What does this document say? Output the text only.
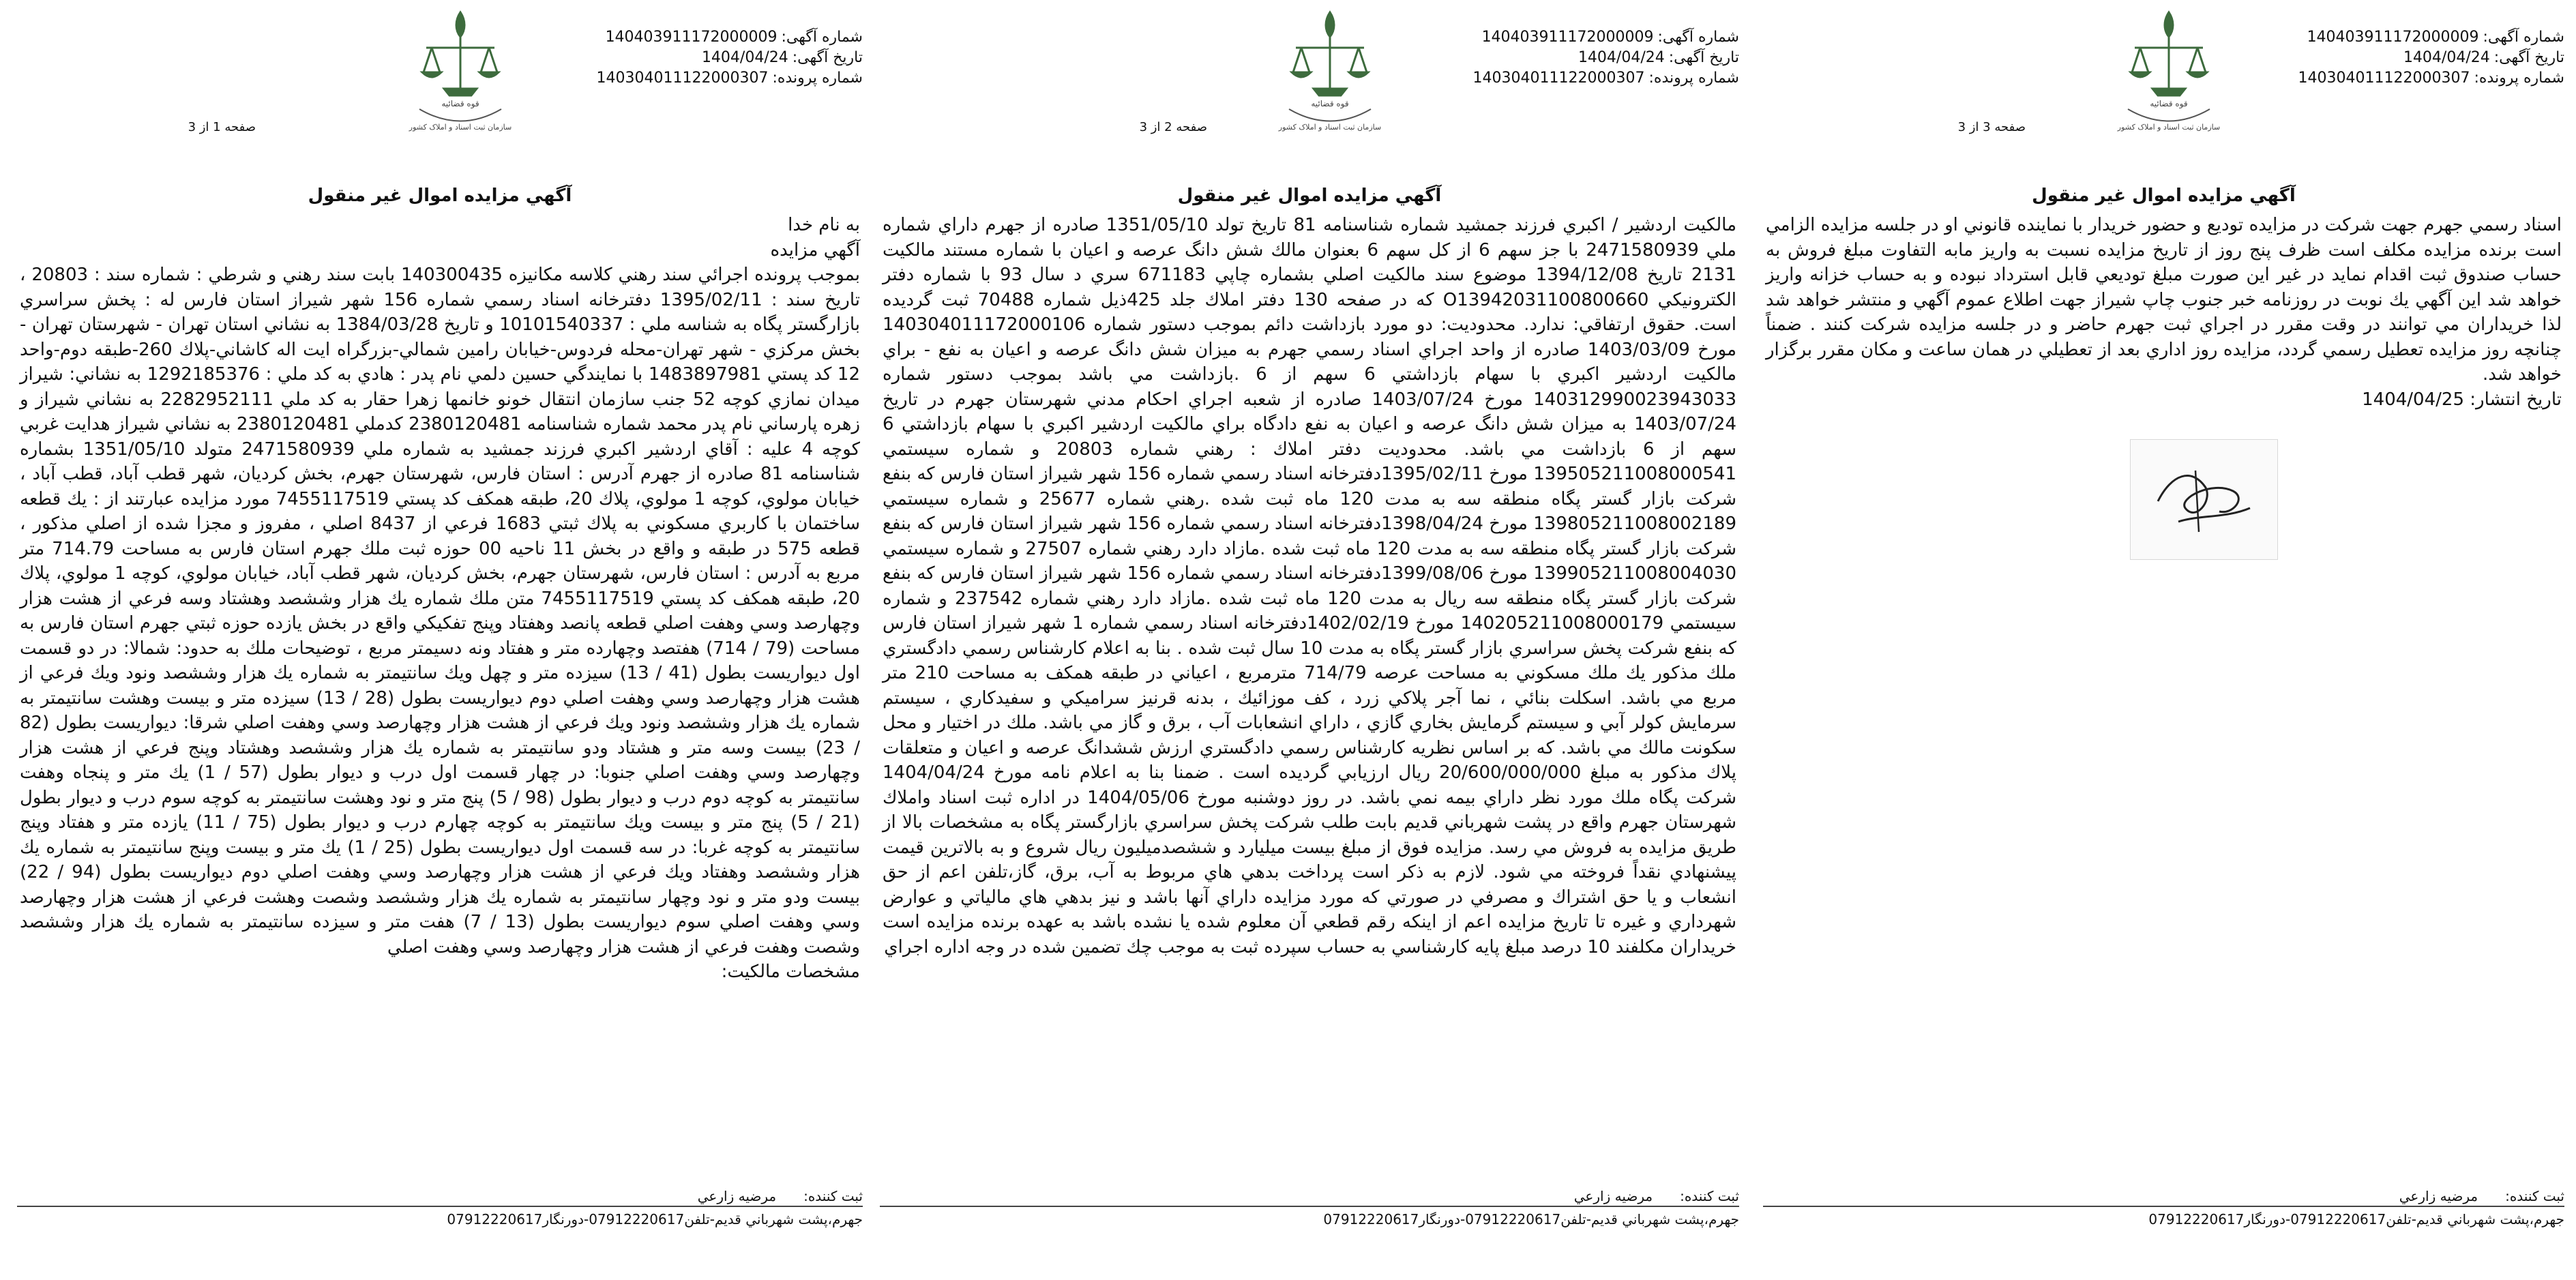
شماره آگهی:140403911172000009
تاریخ آگهی:1404/04/24
شماره پرونده:140304011122000307
قوه قضائیه
سازمان ثبت اسناد و املاک کشور
صفحه 3 از 3
آگهي مزايده اموال غير منقول

اسناد رسمي جهرم جهت شركت در مزايده توديع و حضور خريدار با نماينده قانوني او در جلسه مزايده الزامي است برنده مزايده مكلف است ظرف پنج روز از تاريخ مزايده نسبت به واريز مابه التفاوت مبلغ فروش به حساب صندوق ثبت اقدام نمايد در غير اين صورت مبلغ توديعي قابل استرداد نبوده و به حساب خزانه واريز خواهد شد اين آگهي يك نوبت در روزنامه خبر جنوب چاپ شيراز جهت اطلاع عموم آگهي و منتشر خواهد شد لذا خريداران مي توانند در وقت مقرر در اجراي ثبت جهرم حاضر و در جلسه مزايده شركت كنند . ضمناً چنانچه روز مزايده تعطيل رسمي گردد، مزايده روز اداري بعد از تعطيلي در همان ساعت و مكان مقرر برگزار خواهد شد.

تاريخ انتشار: 1404/04/25

ثبت كننده:مرضيه زارعي
جهرم،پشت شهرباني قديم-تلفن07912220617-دورنگار07912220617
شماره آگهی:140403911172000009
تاریخ آگهی:1404/04/24
شماره پرونده:140304011122000307
قوه قضائیه
سازمان ثبت اسناد و املاک کشور
صفحه 2 از 3
آگهي مزايده اموال غير منقول

مالكيت اردشير / اكبري فرزند جمشيد شماره شناسنامه 81 تاريخ تولد 1351/05/10 صادره از جهرم داراي شماره ملي 2471580939 با جز سهم 6 از كل سهم 6 بعنوان مالك شش دانگ عرصه و اعيان با شماره مستند مالكيت 2131 تاريخ 1394/12/08 موضوع سند مالكيت اصلي بشماره چاپي 671183 سري د سال 93 با شماره دفتر الكترونيكي O13942031100800660 كه در صفحه 130 دفتر املاك جلد 425ذيل شماره 70488 ثبت گرديده است. حقوق ارتفاقي: ندارد. محدوديت: دو مورد بازداشت دائم بموجب دستور شماره 140304011172000106 مورخ 1403/03/09 صادره از واحد اجراي اسناد رسمي جهرم به ميزان شش دانگ عرصه و اعيان به نفع - براي مالكيت اردشير اكبري با سهام بازداشتي 6 سهم از 6 .بازداشت مي باشد بموجب دستور شماره 140312990023943033 مورخ 1403/07/24 صادره از شعبه اجراي احكام مدني شهرستان جهرم در تاريخ 1403/07/24 به ميزان شش دانگ عرصه و اعيان به نفع دادگاه براي مالكيت اردشير اكبري با سهام بازداشتي 6 سهم از 6 بازداشت مي باشد. محدوديت دفتر املاك : رهني شماره 20803 و شماره سيستمي 139505211008000541 مورخ 1395/02/11دفترخانه اسناد رسمي شماره 156 شهر شيراز استان فارس كه بنفع شركت بازار گستر پگاه منطقه سه به مدت 120 ماه ثبت شده .رهني شماره 25677 و شماره سيستمي 139805211008002189 مورخ 1398/04/24دفترخانه اسناد رسمي شماره 156 شهر شيراز استان فارس كه بنفع شركت بازار گستر پگاه منطقه سه به مدت 120 ماه ثبت شده .مازاد دارد رهني شماره 27507 و شماره سيستمي 139905211008004030 مورخ 1399/08/06دفترخانه اسناد رسمي شماره 156 شهر شيراز استان فارس كه بنفع شركت بازار گستر پگاه منطقه سه ريال به مدت 120 ماه ثبت شده .مازاد دارد رهني شماره 237542 و شماره سيستمي 140205211008000179 مورخ 1402/02/19دفترخانه اسناد رسمي شماره 1 شهر شيراز استان فارس كه بنفع شركت پخش سراسري بازار گستر پگاه به مدت 10 سال ثبت شده . بنا به اعلام كارشناس رسمي دادگستري ملك مذكور يك ملك مسكوني به مساحت عرصه 714/79 مترمربع ، اعياني در طبقه همكف به مساحت 210 متر مربع مي باشد. اسكلت بنائي ، نما آجر پلاكي زرد ، كف موزائيك ، بدنه قرنيز سراميكي و سفيدكاري ، سيستم سرمايش كولر آبي و سيستم گرمايش بخاري گازي ، داراي انشعابات آب ، برق و گاز مي باشد. ملك در اختيار و محل سكونت مالك مي باشد. كه بر اساس نظريه كارشناس رسمي دادگستري ارزش ششدانگ عرصه و اعيان و متعلقات پلاك مذكور به مبلغ 20/600/000/000 ريال ارزيابي گرديده است . ضمنا بنا به اعلام نامه مورخ 1404/04/24 شركت پگاه ملك مورد نظر داراي بيمه نمي باشد. در روز دوشنبه مورخ 1404/05/06 در اداره ثبت اسناد واملاك شهرستان جهرم واقع در پشت شهرباني قديم بابت طلب شركت پخش سراسري بازارگستر پگاه به مشخصات بالا از طريق مزايده به فروش مي رسد. مزايده فوق از مبلغ بيست ميليارد و ششصدميليون ريال شروع و به بالاترين قيمت پيشنهادي نقداً فروخته مي شود. لازم به ذكر است پرداخت بدهي هاي مربوط به آب، برق، گاز،تلفن اعم از حق انشعاب و يا حق اشتراك و مصرفي در صورتي كه مورد مزايده داراي آنها باشد و نيز بدهي هاي مالياتي و عوارض شهرداري و غيره تا تاريخ مزايده اعم از اينكه رقم قطعي آن معلوم شده يا نشده باشد به عهده برنده مزايده است خريداران مكلفند 10 درصد مبلغ پايه كارشناسي به حساب سپرده ثبت به موجب چك تضمين شده در وجه اداره اجراي

ثبت كننده:مرضيه زارعي
جهرم،پشت شهرباني قديم-تلفن07912220617-دورنگار07912220617
شماره آگهی:140403911172000009
تاریخ آگهی:1404/04/24
شماره پرونده:140304011122000307
قوه قضائیه
سازمان ثبت اسناد و املاک کشور
صفحه 1 از 3
آگهي مزايده اموال غير منقول

به نام خدا

آگهي مزايده

بموجب پرونده اجرائي سند رهني كلاسه مكانيزه 140300435 بابت سند رهني و شرطي : شماره سند : 20803 ، تاريخ سند : 1395/02/11 دفترخانه اسناد رسمي شماره 156 شهر شيراز استان فارس له : پخش سراسري بازارگستر پگاه به شناسه ملي : 10101540337 و تاريخ 1384/03/28 به نشاني استان تهران - شهرستان تهران - بخش مركزي - شهر تهران-محله فردوس-خيابان رامين شمالي-بزرگراه ايت اله كاشاني-پلاك 260-طبقه دوم-واحد 12 كد پستي 1483897981 با نمايندگي حسين دلمي نام پدر : هادي به كد ملي : 1292185376 به نشاني: شيراز ميدان نمازي كوچه 52 جنب سازمان انتقال خونو خانمها زهرا حقار به كد ملي 2282952111 به نشاني شيراز و زهره پارساني نام پدر محمد شماره شناسنامه 2380120481 كدملي 2380120481 به نشاني شيراز هدايت غربي كوچه 4 عليه : آقاي اردشير اكبري فرزند جمشيد به شماره ملي 2471580939 متولد 1351/05/10 بشماره شناسنامه 81 صادره از جهرم آدرس : استان فارس، شهرستان جهرم، بخش كرديان، شهر قطب آباد، قطب آباد ، خيابان مولوي، كوچه 1 مولوي، پلاك 20، طبقه همكف كد پستي 7455117519 مورد مزايده عبارتند از : يك قطعه ساختمان با كاربري مسكوني به پلاك ثبتي 1683 فرعي از 8437 اصلي ، مفروز و مجزا شده از اصلي مذكور ، قطعه 575 در طبقه و واقع در بخش 11 ناحيه 00 حوزه ثبت ملك جهرم استان فارس به مساحت 714.79 متر مربع به آدرس : استان فارس، شهرستان جهرم، بخش كرديان، شهر قطب آباد، خيابان مولوي، كوچه 1 مولوي، پلاك 20، طبقه همكف كد پستي 7455117519 متن ملك شماره يك هزار وششصد وهشتاد وسه فرعي از هشت هزار وچهارصد وسي وهفت اصلي قطعه پانصد وهفتاد وپنج تفكيكي واقع در بخش يازده حوزه ثبتي جهرم استان فارس به مساحت (79 / 714) هفتصد وچهارده متر و هفتاد ونه دسيمتر مربع ، توضيحات ملك به حدود: شمالا: در دو قسمت اول ديواريست بطول (41 / 13) سيزده متر و چهل ويك سانتيمتر به شماره يك هزار وششصد ونود ويك فرعي از هشت هزار وچهارصد وسي وهفت اصلي دوم ديواريست بطول (28 / 13) سيزده متر و بيست وهشت سانتيمتر به شماره يك هزار وششصد ونود ويك فرعي از هشت هزار وچهارصد وسي وهفت اصلي شرقا: ديواريست بطول (82 / 23) بيست وسه متر و هشتاد ودو سانتيمتر به شماره يك هزار وششصد وهشتاد وپنج فرعي از هشت هزار وچهارصد وسي وهفت اصلي جنوبا: در چهار قسمت اول درب و ديوار بطول (57 / 1) يك متر و پنجاه وهفت سانتيمتر به كوچه دوم درب و ديوار بطول (98 / 5) پنج متر و نود وهشت سانتيمتر به كوچه سوم درب و ديوار بطول (21 / 5) پنج متر و بيست ويك سانتيمتر به كوچه چهارم درب و ديوار بطول (75 / 11) يازده متر و هفتاد وپنج سانتيمتر به كوچه غربا: در سه قسمت اول ديواريست بطول (25 / 1) يك متر و بيست وپنج سانتيمتر به شماره يك هزار وششصد وهفتاد ويك فرعي از هشت هزار وچهارصد وسي وهفت اصلي دوم ديواريست بطول (94 / 22) بيست ودو متر و نود وچهار سانتيمتر به شماره يك هزار وششصد وشصت وهشت فرعي از هشت هزار وچهارصد وسي وهفت اصلي سوم ديواريست بطول (13 / 7) هفت متر و سيزده سانتيمتر به شماره يك هزار وششصد وشصت وهفت فرعي از هشت هزار وچهارصد وسي وهفت اصلي

مشخصات مالكيت:

ثبت كننده:مرضيه زارعي
جهرم،پشت شهرباني قديم-تلفن07912220617-دورنگار07912220617
